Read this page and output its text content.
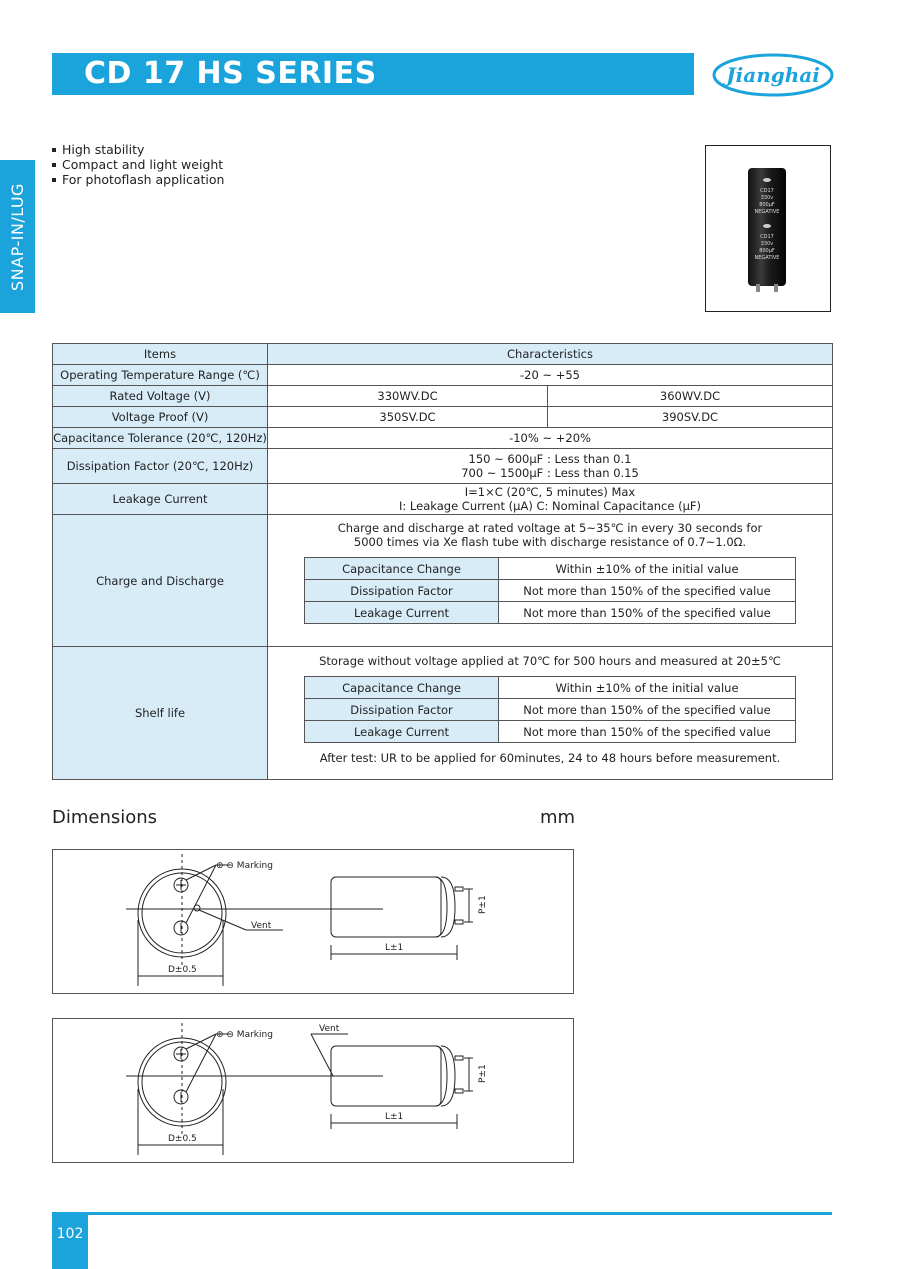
CD 17 HS SERIES	Jianghai
SNAP-IN/LUG
High stability
Compact and light weight
For photoflash application
CD17
330v
800µF
NEGATIVE
CD17
330v
800µF
NEGATIVE
Items	Characteristics
Operating Temperature Range (℃)	-20 ~ +55
Rated Voltage (V)	330WV.DC	360WV.DC
Voltage Proof (V)	350SV.DC	390SV.DC
Capacitance Tolerance (20℃, 120Hz)	-10% ~ +20%
Dissipation Factor (20℃, 120Hz)	150 ~ 600µF : Less than 0.1
700 ~ 1500µF : Less than 0.15

Leakage Current	I=1×C (20℃, 5 minutes) Max
I: Leakage Current (µA) C: Nominal Capacitance (µF)

Charge and Discharge	
Charge and discharge at rated voltage at 5~35℃ in every 30 seconds for
5000 times via Xe flash tube with discharge resistance of 0.7~1.0Ω.
Capacitance Change	Within ±10% of the initial value
Dissipation Factor	Not more than 150% of the specified value
Leakage Current	Not more than 150% of the specified value

Shelf life	
Storage without voltage applied at 70℃ for 500 hours and measured at 20±5℃
Capacitance Change	Within ±10% of the initial value
Dissipation Factor	Not more than 150% of the specified value
Leakage Current	Not more than 150% of the specified value
After test: UR to be applied for 60minutes, 24 to 48 hours before measurement.
Dimensions	mm
⊕ ⊖ Marking
Vent
D±0.5
L±1
P±1
⊕ ⊖ Marking
Vent
D±0.5
L±1
P±1
102
